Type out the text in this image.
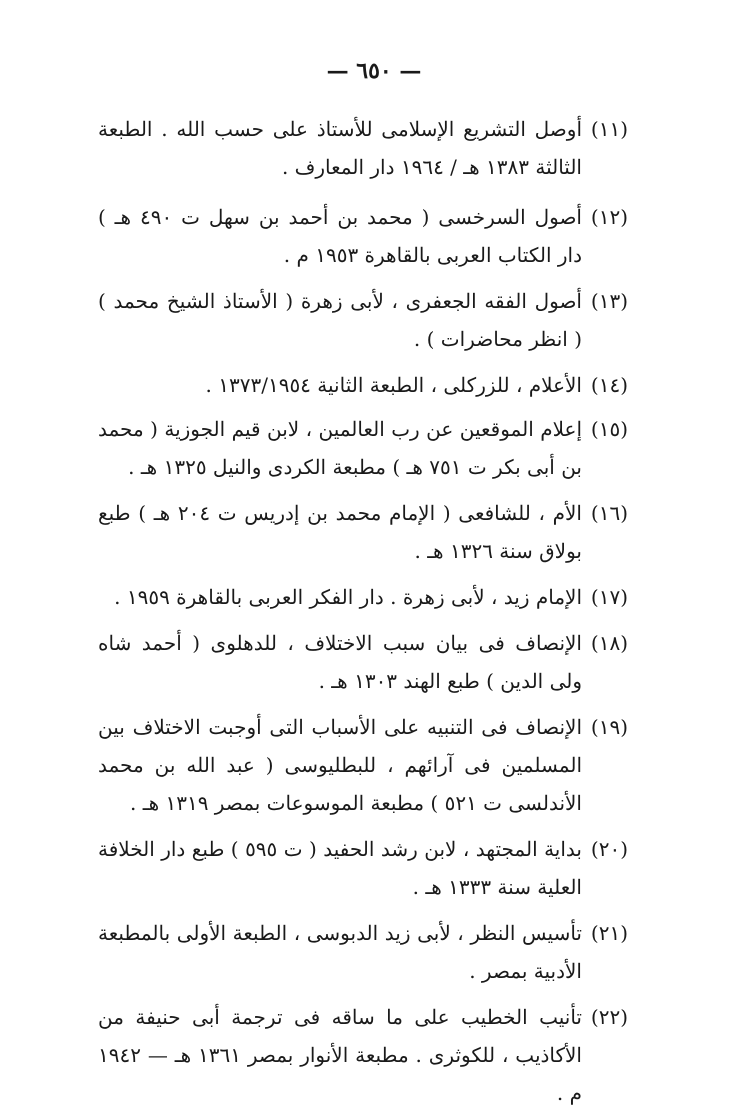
— ٦٥٠ —
(١١)
أوصل التشريع الإسلامى للأستاذ على حسب الله . الطبعة الثالثة ١٣٨٣ هـ / ١٩٦٤ دار المعارف .
(١٢)
أصول السرخسى ( محمد بن أحمد بن سهل ت ٤٩٠ هـ ) دار الكتاب العربى بالقاهرة ١٩٥٣ م .
(١٣)
أصول الفقه الجعفرى ، لأبى زهرة ( الأستاذ الشيخ محمد ) ( انظر محاضرات ) .
(١٤)
الأعلام ، للزركلى ، الطبعة الثانية ١٣٧٣/١٩٥٤ .
(١٥)
إعلام الموقعين عن رب العالمين ، لابن قيم الجوزية ( محمد بن أبى بكر ت ٧٥١ هـ ) مطبعة الكردى والنيل ١٣٢٥ هـ .
(١٦)
الأم ، للشافعى ( الإمام محمد بن إدريس ت ٢٠٤ هـ ) طبع بولاق سنة ١٣٢٦ هـ .
(١٧)
الإمام زيد ، لأبى زهرة . دار الفكر العربى بالقاهرة ١٩٥٩ .
(١٨)
الإنصاف فى بيان سبب الاختلاف ، للدهلوى ( أحمد شاه ولى الدين ) طبع الهند ١٣٠٣ هـ .
(١٩)
الإنصاف فى التنبيه على الأسباب التى أوجبت الاختلاف بين المسلمين فى آرائهم ، للبطليوسى ( عبد الله بن محمد الأندلسى ت ٥٢١ ) مطبعة الموسوعات بمصر ١٣١٩ هـ .
(٢٠)
بداية المجتهد ، لابن رشد الحفيد ( ت ٥٩٥ ) طبع دار الخلافة العلية سنة ١٣٣٣ هـ .
(٢١)
تأسيس النظر ، لأبى زيد الدبوسى ، الطبعة الأولى بالمطبعة الأدبية بمصر .
(٢٢)
تأنيب الخطيب على ما ساقه فى ترجمة أبى حنيفة من الأكاذيب ، للكوثرى . مطبعة الأنوار بمصر ١٣٦١ هـ — ١٩٤٢ م .
